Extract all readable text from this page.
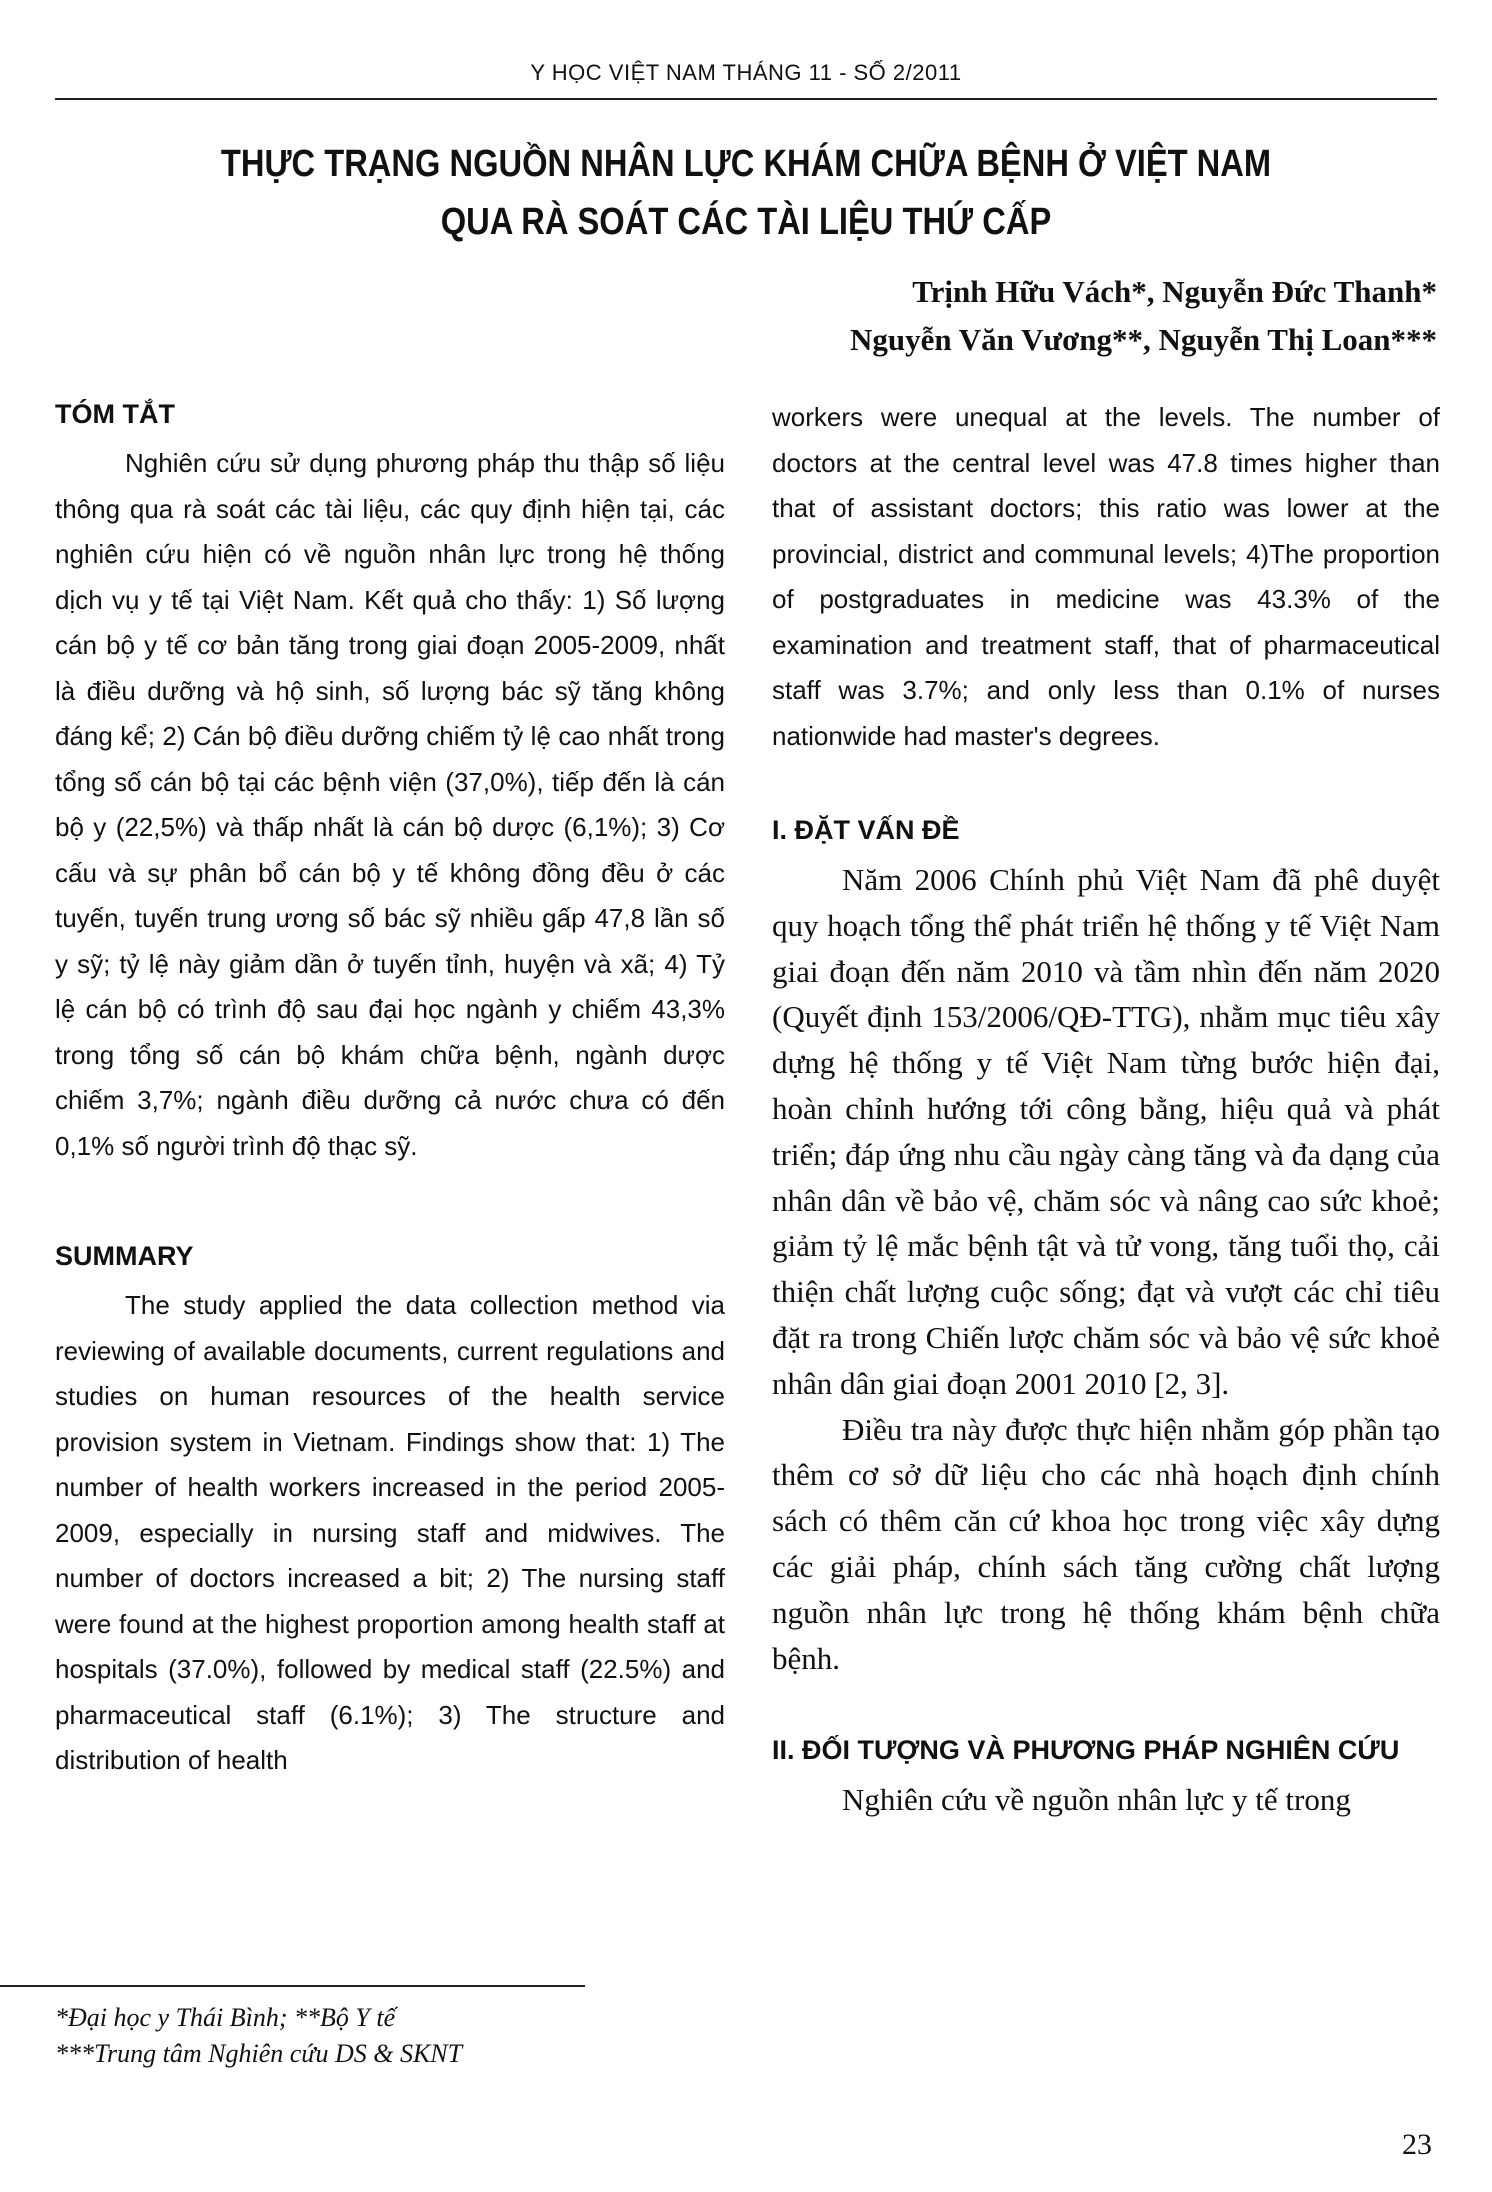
Y HỌC VIỆT NAM THÁNG 11 - SỐ 2/2011
THỰC TRẠNG NGUỒN NHÂN LỰC KHÁM CHỮA BỆNH Ở VIỆT NAM
QUA RÀ SOÁT CÁC TÀI LIỆU THỨ CẤP
Trịnh Hữu Vách*, Nguyễn Đức Thanh*
Nguyễn Văn Vương**, Nguyễn Thị Loan***
TÓM TẮT

Nghiên cứu sử dụng phương pháp thu thập số liệu thông qua rà soát các tài liệu, các quy định hiện tại, các nghiên cứu hiện có về nguồn nhân lực trong hệ thống dịch vụ y tế tại Việt Nam. Kết quả cho thấy: 1) Số lượng cán bộ y tế cơ bản tăng trong giai đoạn 2005-2009, nhất là điều dưỡng và hộ sinh, số lượng bác sỹ tăng không đáng kể; 2) Cán bộ điều dưỡng chiếm tỷ lệ cao nhất trong tổng số cán bộ tại các bệnh viện (37,0%), tiếp đến là cán bộ y (22,5%) và thấp nhất là cán bộ dược (6,1%); 3) Cơ cấu và sự phân bổ cán bộ y tế không đồng đều ở các tuyến, tuyến trung ương số bác sỹ nhiều gấp 47,8 lần số y sỹ; tỷ lệ này giảm dần ở tuyến tỉnh, huyện và xã; 4) Tỷ lệ cán bộ có trình độ sau đại học ngành y chiếm 43,3% trong tổng số cán bộ khám chữa bệnh, ngành dược chiếm 3,7%; ngành điều dưỡng cả nước chưa có đến 0,1% số người trình độ thạc sỹ.

SUMMARY

The study applied the data collection method via reviewing of available documents, current regulations and studies on human resources of the health service provision system in Vietnam. Findings show that: 1) The number of health workers increased in the period 2005-2009, especially in nursing staff and midwives. The number of doctors increased a bit; 2) The nursing staff were found at the highest proportion among health staff at hospitals (37.0%), followed by medical staff (22.5%) and pharmaceutical staff (6.1%); 3) The structure and distribution of health

workers were unequal at the levels. The number of doctors at the central level was 47.8 times higher than that of assistant doctors; this ratio was lower at the provincial, district and communal levels; 4)The proportion of postgraduates in medicine was 43.3% of the examination and treatment staff, that of pharmaceutical staff was 3.7%; and only less than 0.1% of nurses nationwide had master's degrees.

I. ĐẶT VẤN ĐỀ

Năm 2006 Chính phủ Việt Nam đã phê duyệt quy hoạch tổng thể phát triển hệ thống y tế Việt Nam giai đoạn đến năm 2010 và tầm nhìn đến năm 2020 (Quyết định 153/2006/QĐ-TTG), nhằm mục tiêu xây dựng hệ thống y tế Việt Nam từng bước hiện đại, hoàn chỉnh hướng tới công bằng, hiệu quả và phát triển; đáp ứng nhu cầu ngày càng tăng và đa dạng của nhân dân về bảo vệ, chăm sóc và nâng cao sức khoẻ; giảm tỷ lệ mắc bệnh tật và tử vong, tăng tuổi thọ, cải thiện chất lượng cuộc sống; đạt và vượt các chỉ tiêu đặt ra trong Chiến lược chăm sóc và bảo vệ sức khoẻ nhân dân giai đoạn 2001 2010 [2, 3].

Điều tra này được thực hiện nhằm góp phần tạo thêm cơ sở dữ liệu cho các nhà hoạch định chính sách có thêm căn cứ khoa học trong việc xây dựng các giải pháp, chính sách tăng cường chất lượng nguồn nhân lực trong hệ thống khám bệnh chữa bệnh.

II. ĐỐI TƯỢNG VÀ PHƯƠNG PHÁP NGHIÊN CỨU

Nghiên cứu về nguồn nhân lực y tế trong

*Đại học y Thái Bình; **Bộ Y tế
***Trung tâm Nghiên cứu DS & SKNT
23
